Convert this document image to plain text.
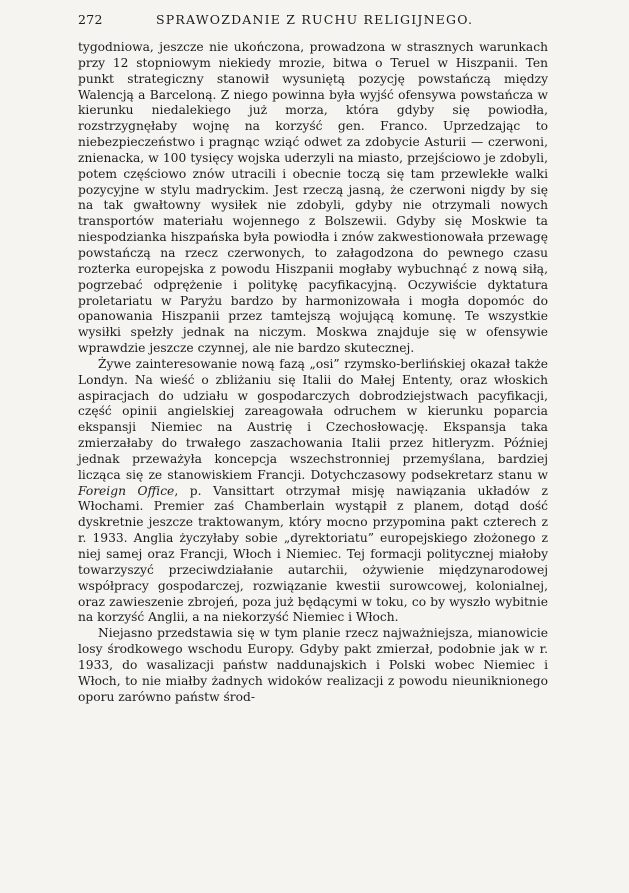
272	SPRAWOZDANIE Z RUCHU RELIGIJNEGO.

tygodniowa, jeszcze nie ukończona, prowadzona w strasznych warunkach przy 12 stopniowym niekiedy mrozie, bitwa o Teruel w Hiszpanii. Ten punkt strategiczny stanowił wysuniętą pozycję powstańczą między Walencją a Barceloną. Z niego powinna była wyjść ofensywa powstańcza w kierunku niedalekiego już morza, która gdyby się powiodła, rozstrzygnęłaby wojnę na korzyść gen. Franco. Uprzedzając to niebezpieczeństwo i pragnąc wziąć odwet za zdobycie Asturii — czerwoni, znienacka, w 100 tysięcy wojska uderzyli na miasto, przejściowo je zdobyli, potem częściowo znów utracili i obecnie toczą się tam przewlekłe walki pozycyjne w stylu madryckim. Jest rzeczą jasną, że czerwoni nigdy by się na tak gwałtowny wysiłek nie zdobyli, gdyby nie otrzymali nowych transportów materiału wojennego z Bolszewii. Gdyby się Moskwie ta niespodzianka hiszpańska była powiodła i znów zakwestionowała przewagę powstańczą na rzecz czerwonych, to załagodzona do pewnego czasu rozterka europejska z powodu Hiszpanii mogłaby wybuchnąć z nową siłą, pogrzebać odprężenie i politykę pacyfikacyjną. Oczywiście dyktatura proletariatu w Paryżu bardzo by harmonizowała i mogła dopomóc do opanowania Hiszpanii przez tamtejszą wojującą komunę. Te wszystkie wysiłki spełzły jednak na niczym. Moskwa znajduje się w ofensywie wprawdzie jeszcze czynnej, ale nie bardzo skutecznej.

Żywe zainteresowanie nową fazą „osi” rzymsko-berlińskiej okazał także Londyn. Na wieść o zbliżaniu się Italii do Małej Ententy, oraz włoskich aspiracjach do udziału w gospodarczych dobrodziejstwach pacyfikacji, część opinii angielskiej zareagowała odruchem w kierunku poparcia ekspansji Niemiec na Austrię i Czechosłowację. Ekspansja taka zmierzałaby do trwałego zaszachowania Italii przez hitleryzm. Później jednak przeważyła koncepcja wszechstronniej przemyślana, bardziej licząca się ze stanowiskiem Francji. Dotychczasowy podsekretarz stanu w Foreign Office, p. Vansittart otrzymał misję nawiązania układów z Włochami. Premier zaś Chamberlain wystąpił z planem, dotąd dość dyskretnie jeszcze traktowanym, który mocno przypomina pakt czterech z r. 1933. Anglia życzyłaby sobie „dyrektoriatu” europejskiego złożonego z niej samej oraz Francji, Włoch i Niemiec. Tej formacji politycznej miałoby towarzyszyć przeciwdziałanie autarchii, ożywienie międzynarodowej współpracy gospodarczej, rozwiązanie kwestii surowcowej, kolonialnej, oraz zawieszenie zbrojeń, poza już będącymi w toku, co by wyszło wybitnie na korzyść Anglii, a na niekorzyść Niemiec i Włoch.

Niejasno przedstawia się w tym planie rzecz najważniejsza, mianowicie losy środkowego wschodu Europy. Gdyby pakt zmierzał, podobnie jak w r. 1933, do wasalizacji państw naddunajskich i Polski wobec Niemiec i Włoch, to nie miałby żadnych widoków realizacji z powodu nieuniknionego oporu zarówno państw środ-
